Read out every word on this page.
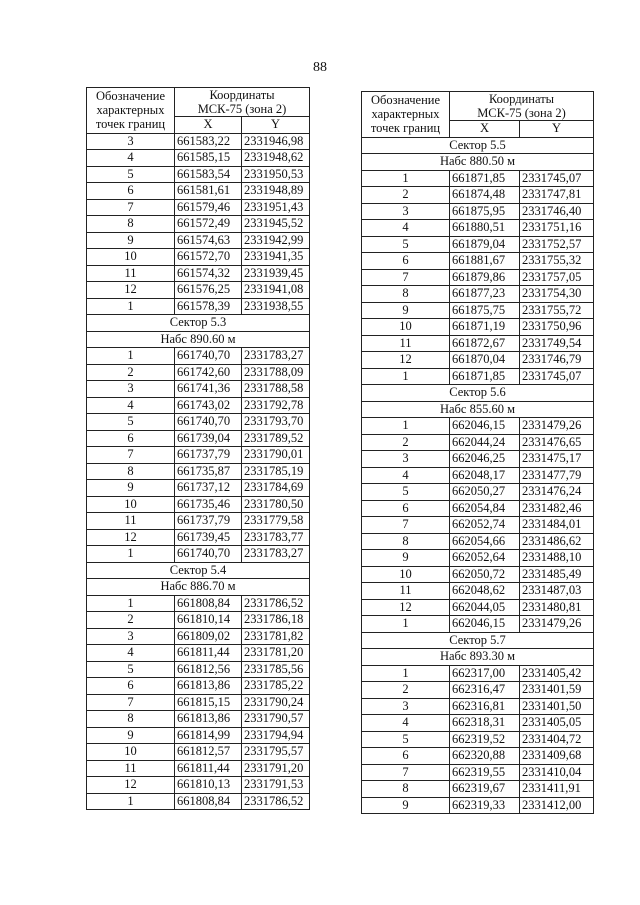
88
Обозначение
характерных
точек границ	Координаты
МСК-75 (зона 2)	
	X	Y
3	661583,22	2331946,98
4	661585,15	2331948,62
5	661583,54	2331950,53
6	661581,61	2331948,89
7	661579,46	2331951,43
8	661572,49	2331945,52
9	661574,63	2331942,99
10	661572,70	2331941,35
11	661574,32	2331939,45
12	661576,25	2331941,08
1	661578,39	2331938,55
Сектор 5.3		
Набс 890.60 м		
1	661740,70	2331783,27
2	661742,60	2331788,09
3	661741,36	2331788,58
4	661743,02	2331792,78
5	661740,70	2331793,70
6	661739,04	2331789,52
7	661737,79	2331790,01
8	661735,87	2331785,19
9	661737,12	2331784,69
10	661735,46	2331780,50
11	661737,79	2331779,58
12	661739,45	2331783,77
1	661740,70	2331783,27
Сектор 5.4		
Набс 886.70 м		
1	661808,84	2331786,52
2	661810,14	2331786,18
3	661809,02	2331781,82
4	661811,44	2331781,20
5	661812,56	2331785,56
6	661813,86	2331785,22
7	661815,15	2331790,24
8	661813,86	2331790,57
9	661814,99	2331794,94
10	661812,57	2331795,57
11	661811,44	2331791,20
12	661810,13	2331791,53
1	661808,84	2331786,52
Обозначение
характерных
точек границ	Координаты
МСК-75 (зона 2)	
	X	Y
Сектор 5.5		
Набс 880.50 м		
1	661871,85	2331745,07
2	661874,48	2331747,81
3	661875,95	2331746,40
4	661880,51	2331751,16
5	661879,04	2331752,57
6	661881,67	2331755,32
7	661879,86	2331757,05
8	661877,23	2331754,30
9	661875,75	2331755,72
10	661871,19	2331750,96
11	661872,67	2331749,54
12	661870,04	2331746,79
1	661871,85	2331745,07
Сектор 5.6		
Набс 855.60 м		
1	662046,15	2331479,26
2	662044,24	2331476,65
3	662046,25	2331475,17
4	662048,17	2331477,79
5	662050,27	2331476,24
6	662054,84	2331482,46
7	662052,74	2331484,01
8	662054,66	2331486,62
9	662052,64	2331488,10
10	662050,72	2331485,49
11	662048,62	2331487,03
12	662044,05	2331480,81
1	662046,15	2331479,26
Сектор 5.7		
Набс 893.30 м		
1	662317,00	2331405,42
2	662316,47	2331401,59
3	662316,81	2331401,50
4	662318,31	2331405,05
5	662319,52	2331404,72
6	662320,88	2331409,68
7	662319,55	2331410,04
8	662319,67	2331411,91
9	662319,33	2331412,00
